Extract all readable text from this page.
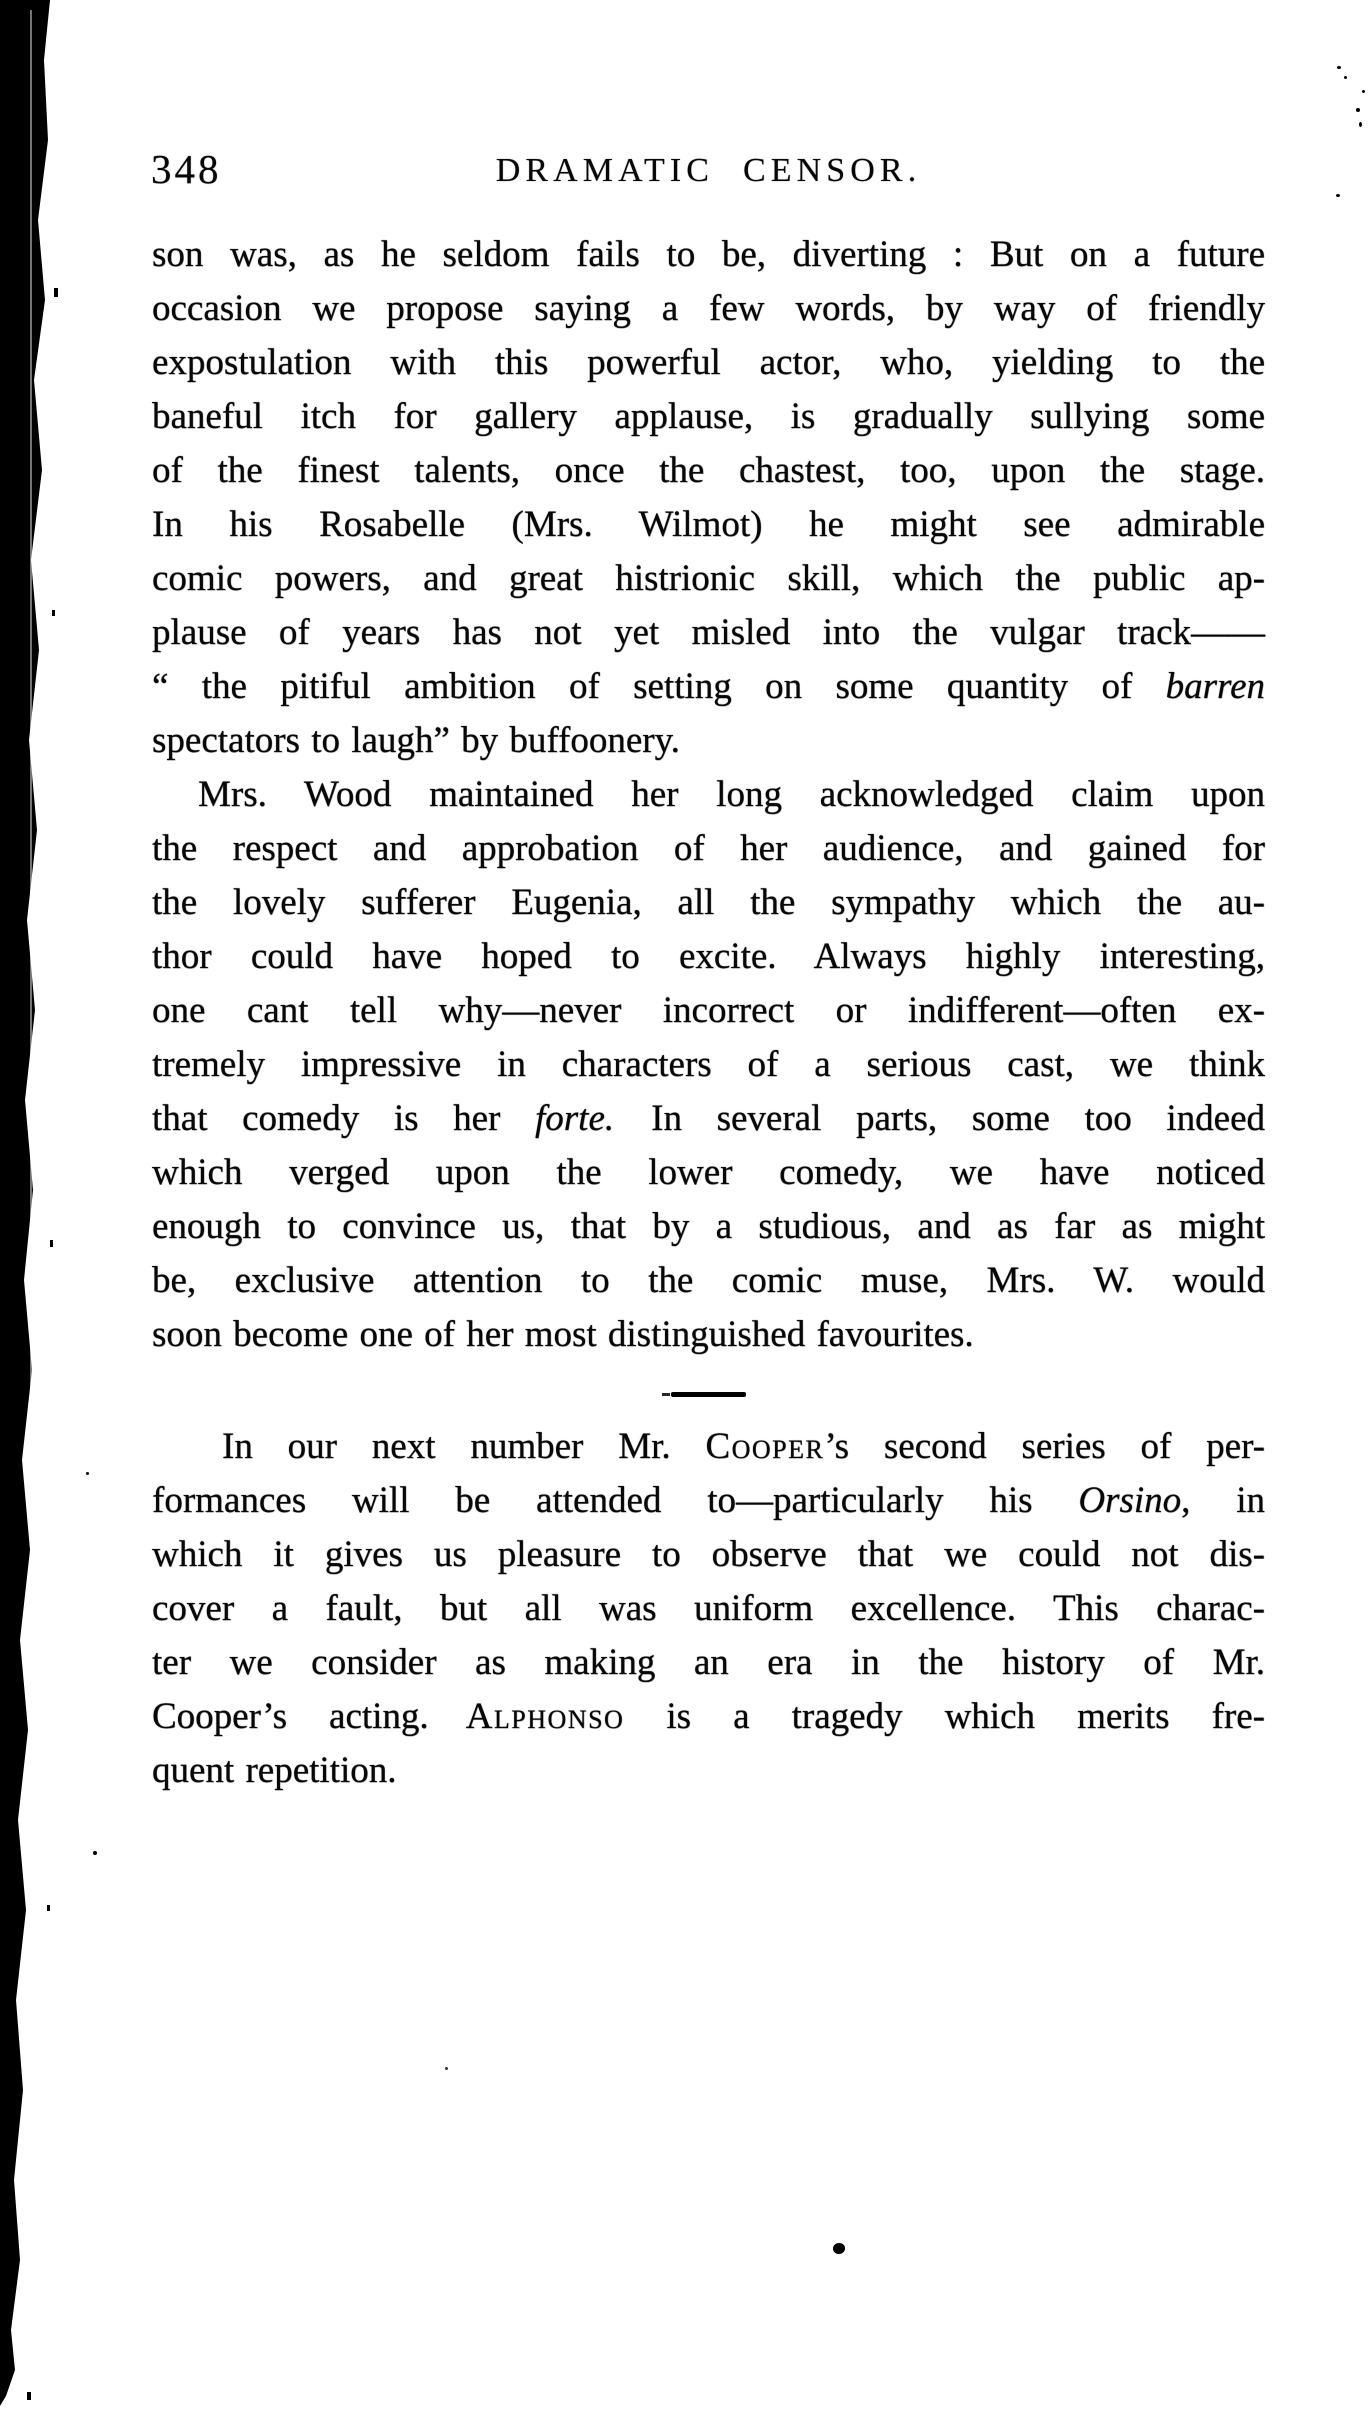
348	DRAMATIC CENSOR.
son was, as he seldom fails to be, diverting : But on a future
occasion we propose saying a few words, by way of friendly
expostulation with this powerful actor, who, yielding to the
baneful itch for gallery applause, is gradually sullying some
of the finest talents, once the chastest, too, upon the stage.
In his Rosabelle (Mrs. Wilmot) he might see admirable
comic powers, and great histrionic skill, which the public ap-
plause of years has not yet misled into the vulgar track——
“ the pitiful ambition of setting on some quantity of barren
spectators to laugh” by buffoonery.
Mrs. Wood maintained her long acknowledged claim upon
the respect and approbation of her audience, and gained for
the lovely sufferer Eugenia, all the sympathy which the au-
thor could have hoped to excite. Always highly interesting,
one cant tell why—never incorrect or indifferent—often ex-
tremely impressive in characters of a serious cast, we think
that comedy is her forte. In several parts, some too indeed
which verged upon the lower comedy, we have noticed
enough to convince us, that by a studious, and as far as might
be, exclusive attention to the comic muse, Mrs. W. would
soon become one of her most distinguished favourites.
In our next number Mr. Cooper’s second series of per-
formances will be attended to—particularly his Orsino, in
which it gives us pleasure to observe that we could not dis-
cover a fault, but all was uniform excellence. This charac-
ter we consider as making an era in the history of Mr.
Cooper’s acting. Alphonso is a tragedy which merits fre-
quent repetition.
